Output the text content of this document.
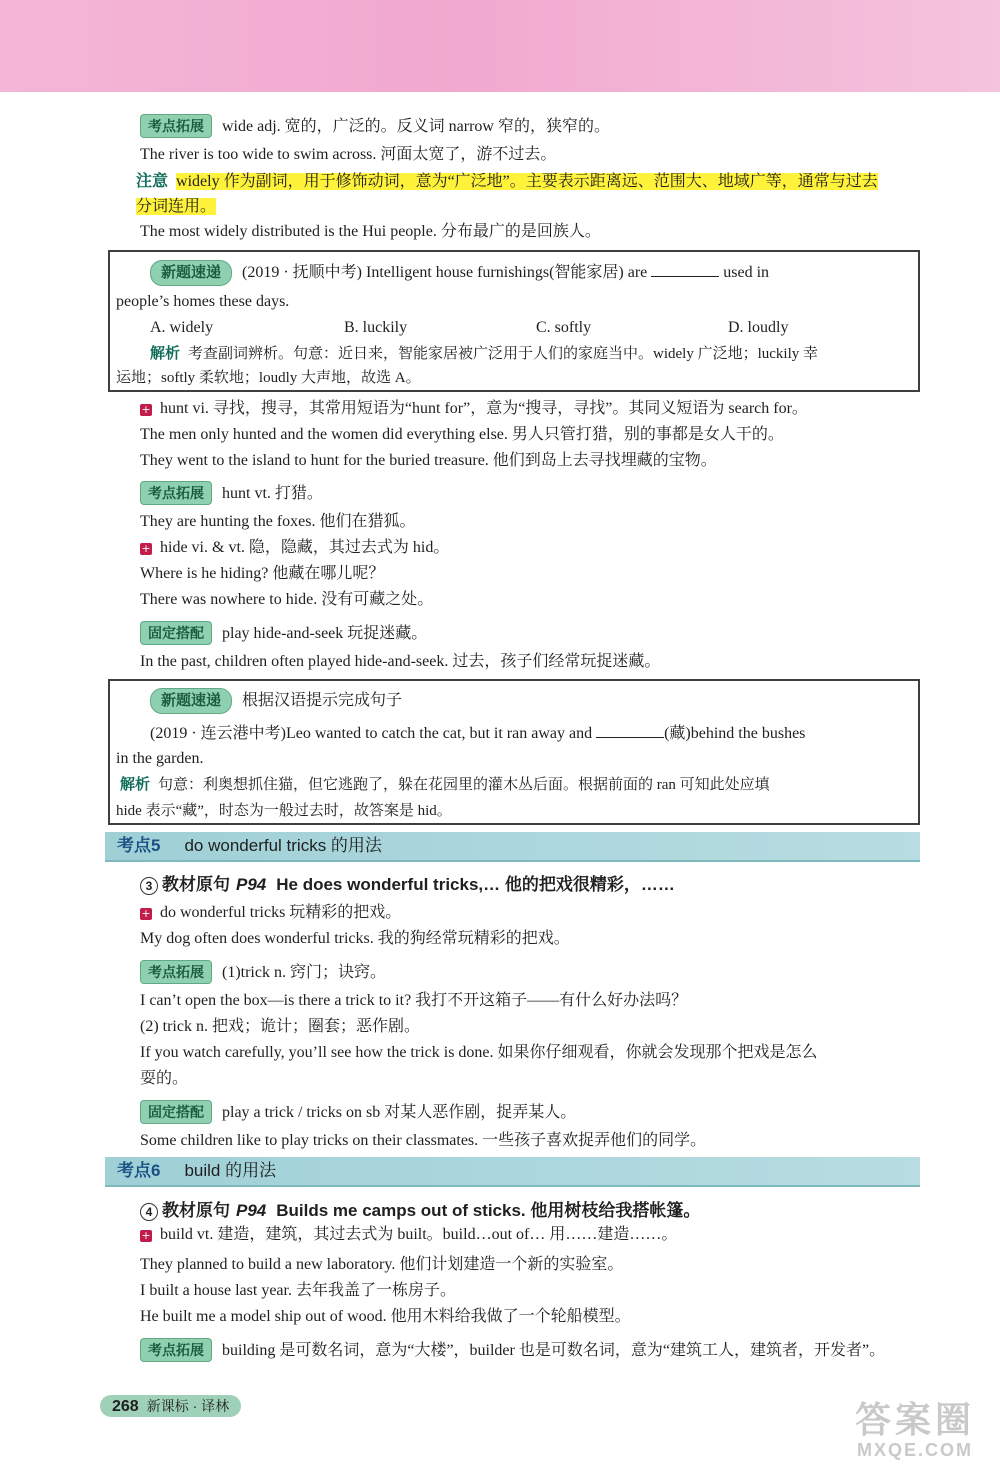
考点拓展 wide adj. 宽的，广泛的。反义词 narrow 窄的，狭窄的。
The river is too wide to swim across. 河面太宽了，游不过去。
注意 widely 作为副词，用于修饰动词，意为“广泛地”。主要表示距离远、范围大、地域广等，通常与过去
分词连用。
The most widely distributed is the Hui people. 分布最广的是回族人。
新题速递 (2019 · 抚顺中考) Intelligent house furnishings(智能家居) are	used in
people’s homes these days.
A. widely	B. luckily	C. softly	D. loudly
解析 考查副词辨析。句意：近日来，智能家居被广泛用于人们的家庭当中。widely 广泛地；luckily 幸
运地；softly 柔软地；loudly 大声地，故选 A。
+ hunt vi. 寻找，搜寻，其常用短语为“hunt for”，意为“搜寻，寻找”。其同义短语为 search for。
The men only hunted and the women did everything else. 男人只管打猎，别的事都是女人干的。
They went to the island to hunt for the buried treasure. 他们到岛上去寻找埋藏的宝物。
考点拓展 hunt vt. 打猎。
They are hunting the foxes. 他们在猎狐。
+ hide vi. & vt. 隐，隐藏，其过去式为 hid。
Where is he hiding? 他藏在哪儿呢？
There was nowhere to hide. 没有可藏之处。
固定搭配 play hide-and-seek 玩捉迷藏。
In the past, children often played hide-and-seek. 过去，孩子们经常玩捉迷藏。
新题速递 根据汉语提示完成句子
(2019 · 连云港中考)Leo wanted to catch the cat, but it ran away and	(藏)behind the bushes
in the garden.
解析 句意：利奥想抓住猫，但它逃跑了，躲在花园里的灌木丛后面。根据前面的 ran 可知此处应填
hide 表示“藏”，时态为一般过去时，故答案是 hid。
考点5 do wonderful tricks 的用法
3 教材原句 P94 He does wonderful tricks,… 他的把戏很精彩，……
+ do wonderful tricks 玩精彩的把戏。
My dog often does wonderful tricks. 我的狗经常玩精彩的把戏。
考点拓展 (1)trick n. 窍门；诀窍。
I can’t open the box—is there a trick to it? 我打不开这箱子——有什么好办法吗？
(2) trick n. 把戏；诡计；圈套；恶作剧。
If you watch carefully, you’ll see how the trick is done. 如果你仔细观看，你就会发现那个把戏是怎么
耍的。
固定搭配 play a trick / tricks on sb 对某人恶作剧，捉弄某人。
Some children like to play tricks on their classmates. 一些孩子喜欢捉弄他们的同学。
考点6 build 的用法
4 教材原句 P94 Builds me camps out of sticks. 他用树枝给我搭帐篷。
+ build vt. 建造，建筑，其过去式为 built。build…out of… 用……建造……。
They planned to build a new laboratory. 他们计划建造一个新的实验室。
I built a house last year. 去年我盖了一栋房子。
He built me a model ship out of wood. 他用木料给我做了一个轮船模型。
考点拓展 building 是可数名词，意为“大楼”，builder 也是可数名词，意为“建筑工人，建筑者，开发者”。
268 新课标 · 译林	答案圈
MXQE.COM
